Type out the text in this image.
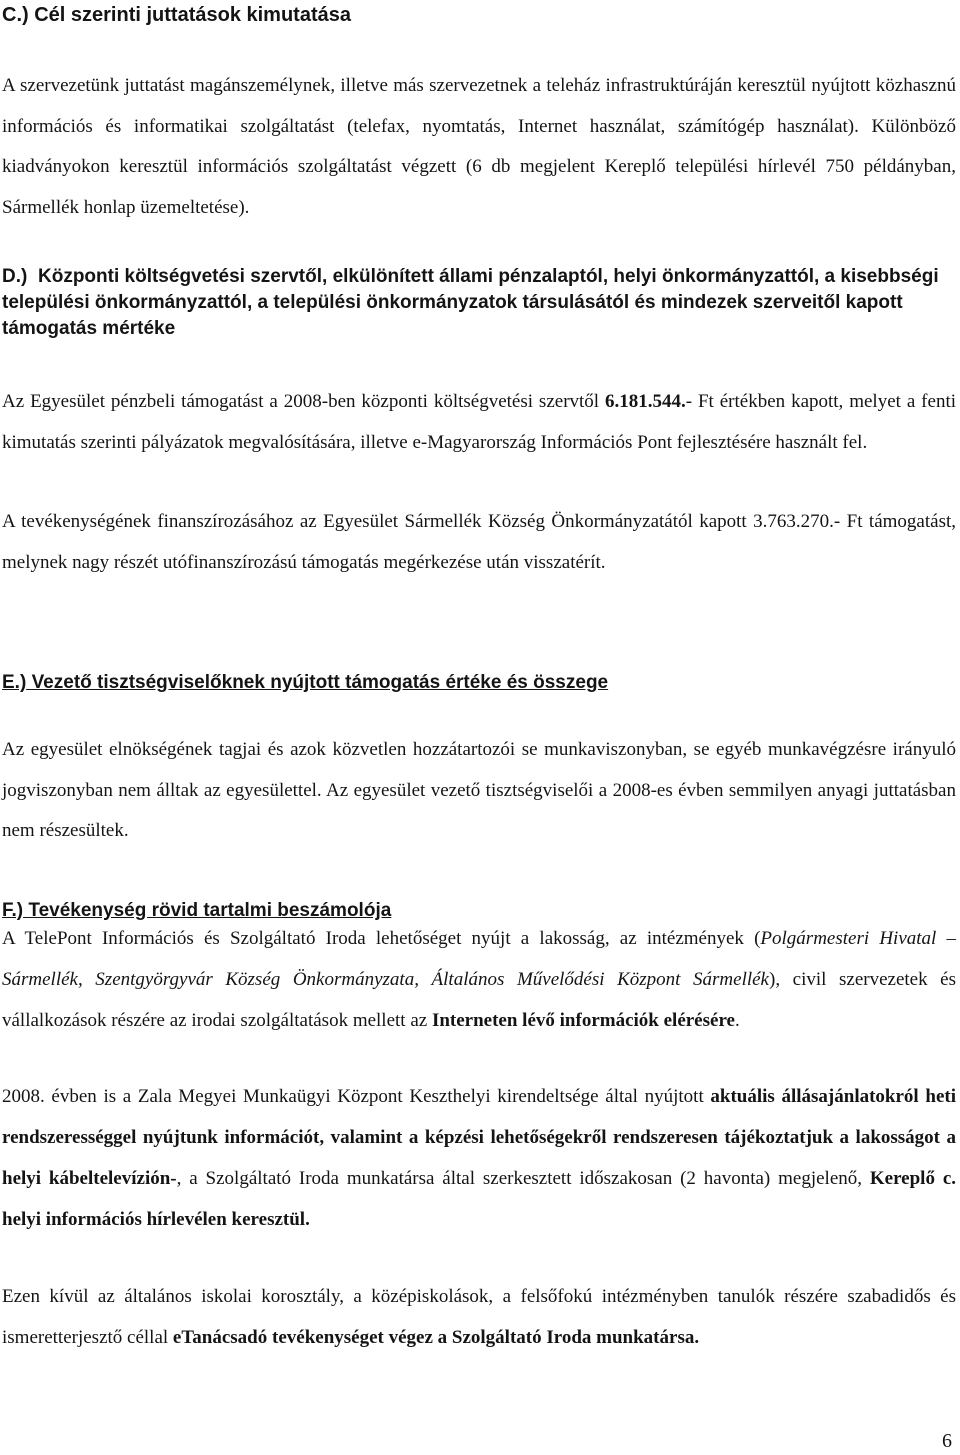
C.) Cél szerinti juttatások kimutatása

A szervezetünk juttatást magánszemélynek, illetve más szervezetnek a teleház infrastruktúráján keresztül nyújtott közhasznú információs és informatikai szolgáltatást (telefax, nyomtatás, Internet használat, számítógép használat). Különböző kiadványokon keresztül információs szolgáltatást végzett (6 db megjelent Kereplő települési hírlevél 750 példányban, Sármellék honlap üzemeltetése).

D.) Központi költségvetési szervtől, elkülönített állami pénzalaptól, helyi önkormányzattól, a kisebbségi települési önkormányzattól, a települési önkormányzatok társulásától és mindezek szerveitől kapott támogatás mértéke

Az Egyesület pénzbeli támogatást a 2008-ben központi költségvetési szervtől 6.181.544.- Ft értékben kapott, melyet a fenti kimutatás szerinti pályázatok megvalósítására, illetve e-Magyarország Információs Pont fejlesztésére használt fel.

A tevékenységének finanszírozásához az Egyesület Sármellék Község Önkormányzatától kapott 3.763.270.- Ft támogatást, melynek nagy részét utófinanszírozású támogatás megérkezése után visszatérít.

E.) Vezető tisztségviselőknek nyújtott támogatás értéke és összege

Az egyesület elnökségének tagjai és azok közvetlen hozzátartozói se munkaviszonyban, se egyéb munkavégzésre irányuló jogviszonyban nem álltak az egyesülettel. Az egyesület vezető tisztségviselői a 2008-es évben semmilyen anyagi juttatásban nem részesültek.

F.) Tevékenység rövid tartalmi beszámolója

A TelePont Információs és Szolgáltató Iroda lehetőséget nyújt a lakosság, az intézmények (Polgármesteri Hivatal – Sármellék, Szentgyörgyvár Község Önkormányzata, Általános Művelődési Központ Sármellék), civil szervezetek és vállalkozások részére az irodai szolgáltatások mellett az Interneten lévő információk elérésére.

2008. évben is a Zala Megyei Munkaügyi Központ Keszthelyi kirendeltsége által nyújtott aktuális állásajánlatokról heti rendszerességgel nyújtunk információt, valamint a képzési lehetőségekről rendszeresen tájékoztatjuk a lakosságot a helyi kábeltelevízión-, a Szolgáltató Iroda munkatársa által szerkesztett időszakosan (2 havonta) megjelenő, Kereplő c. helyi információs hírlevélen keresztül.

Ezen kívül az általános iskolai korosztály, a középiskolások, a felsőfokú intézményben tanulók részére szabadidős és ismeretterjesztő céllal eTanácsadó tevékenységet végez a Szolgáltató Iroda munkatársa.

6
